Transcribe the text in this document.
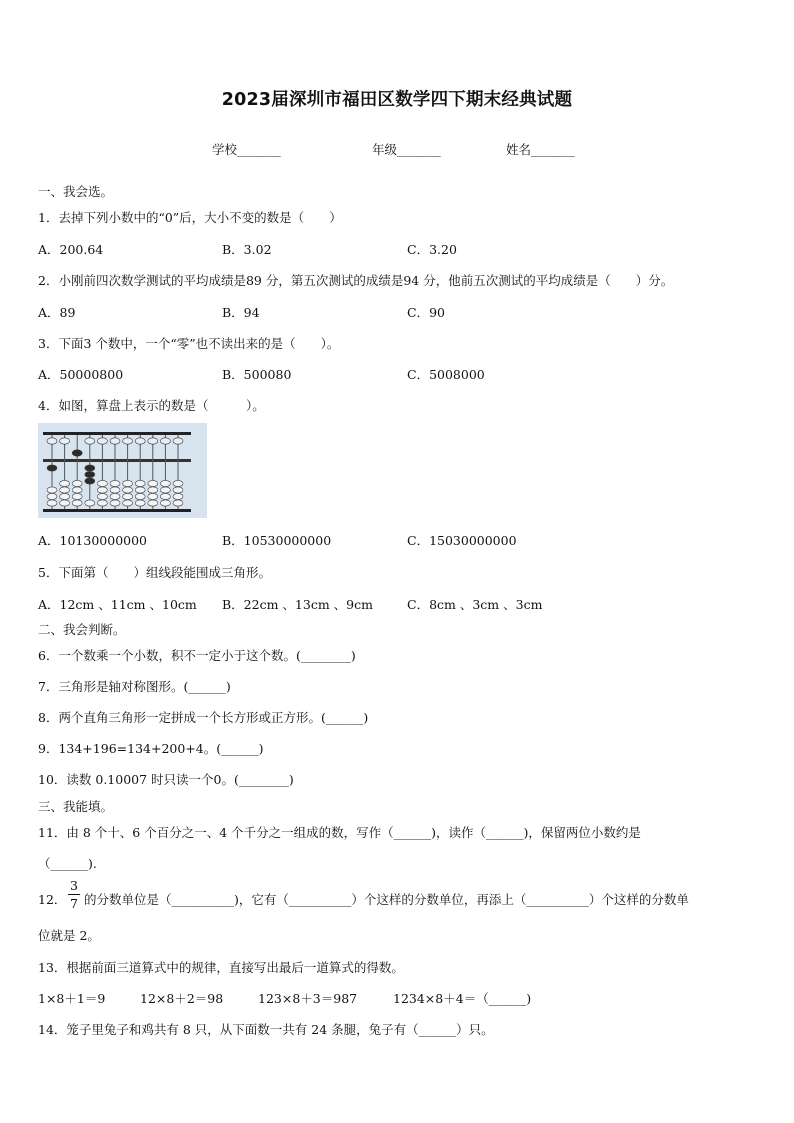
2023届深圳市福田区数学四下期末经典试题
学校_______	年级_______	姓名_______
一、我会选。
1．去掉下列小数中的“0”后，大小不变的数是（　　）
A．200.64	B．3.02	C．3.20
2．小刚前四次数学测试的平均成绩是89 分，第五次测试的成绩是94 分，他前五次测试的平均成绩是（　　）分。
A．89	B．94	C．90
3．下面3 个数中，一个“零”也不读出来的是（　　）。
A．50000800	B．500080	C．5008000
4．如图，算盘上表示的数是（　　　）。
A．10130000000	B．10530000000	C．15030000000
5．下面第（　　）组线段能围成三角形。
A．12cm 、11cm 、10cm B．22cm 、13cm 、9cm	C．8cm 、3cm 、3cm
二、我会判断。
6．一个数乘一个小数，积不一定小于这个数。(________)
7．三角形是轴对称图形。(______)
8．两个直角三角形一定拼成一个长方形或正方形。(______)
9．134+196=134+200+4。(______)
10．读数 0.10007 时只读一个0。(________)
三、我能填。
11．由 8 个十、6 个百分之一、4 个千分之一组成的数，写作（______)，读作（______)，保留两位小数约是
（______).
12．
3
7 的分数单位是（__________)，它有（__________）个这样的分数单位，再添上（__________）个这样的分数单
位就是 2。
13．根据前面三道算式中的规律，直接写出最后一道算式的得数。
1×8＋1＝9	12×8＋2＝98	123×8＋3＝987	1234×8＋4＝（______)
14．笼子里兔子和鸡共有 8 只，从下面数一共有 24 条腿，兔子有（______）只。
